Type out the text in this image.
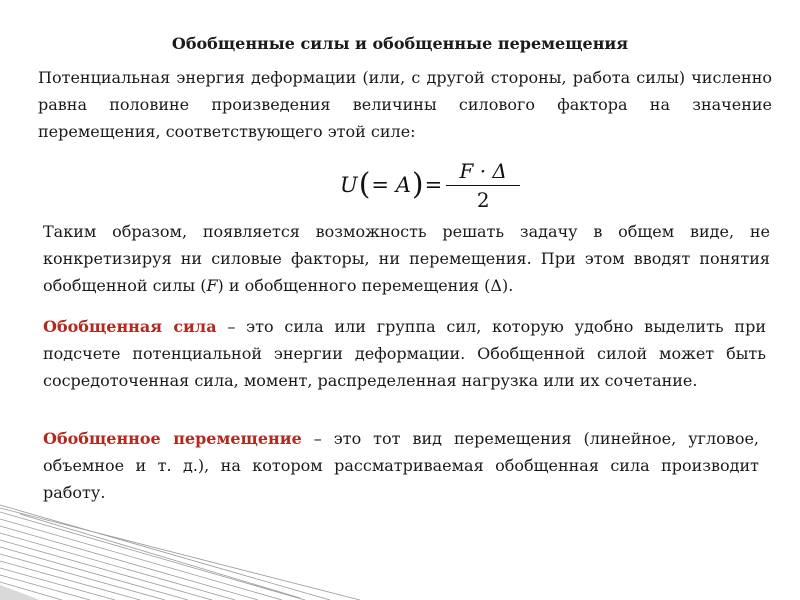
Обобщенные силы и обобщенные перемещения
Потенциальная энергия деформации (или, с другой стороны, работа силы) численно равна половине произведения величины силового фактора на значение перемещения, соответствующего этой силе:
U ( = A ) = $\frac{F \cdot \Delta}{2}$
Таким образом, появляется возможность решать задачу в общем виде, не конкретизируя ни силовые факторы, ни перемещения. При этом вводят понятия обобщенной силы (F) и обобщенного перемещения (Δ).
Обобщенная сила – это сила или группа сил, которую удобно выделить при подсчете потенциальной энергии деформации. Обобщенной силой может быть сосредоточенная сила, момент, распределенная нагрузка или их сочетание.
Обобщенное перемещение – это тот вид перемещения (линейное, угловое, объемное и т. д.), на котором рассматриваемая обобщенная сила производит работу.
